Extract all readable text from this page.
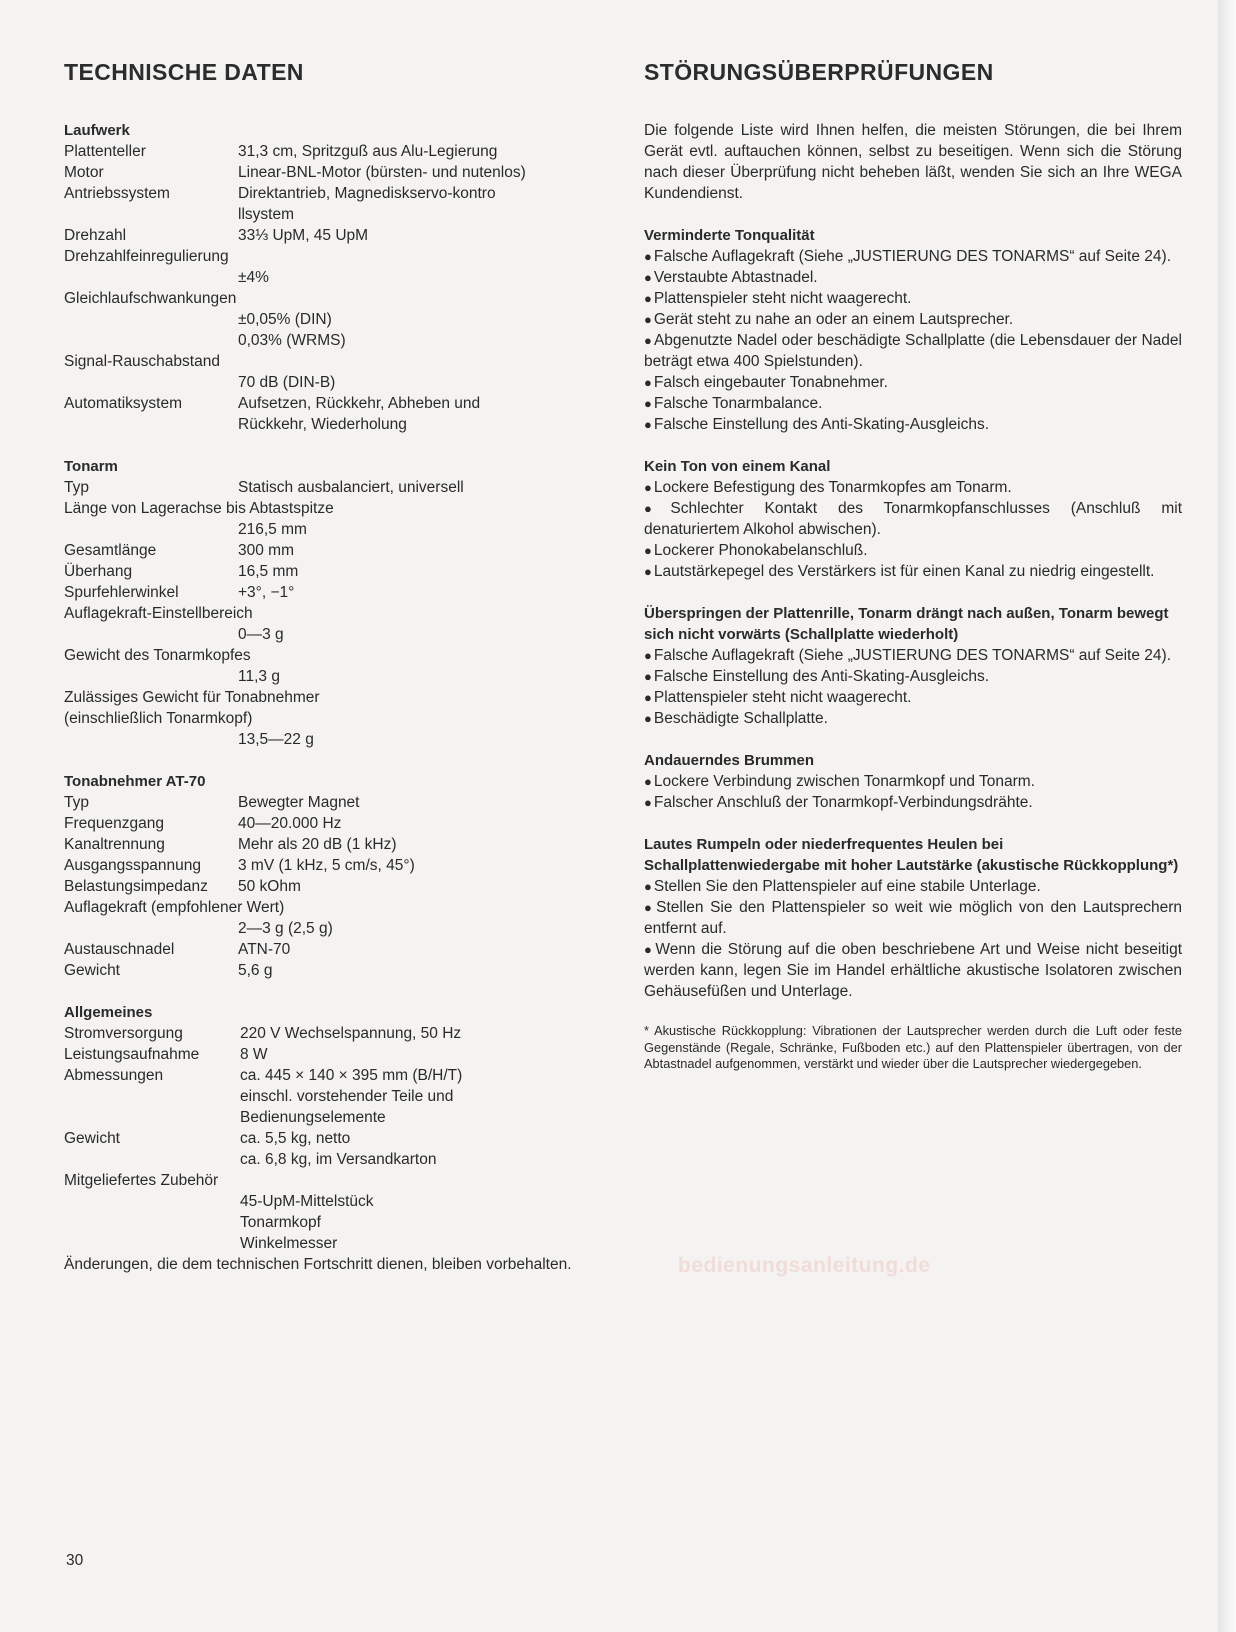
TECHNISCHE DATEN
Laufwerk
Plattenteller	31,3 cm, Spritzguß aus Alu-Legierung
Motor	Linear-BNL-Motor (bürsten- und nutenlos)
Antriebssystem	Direktantrieb, Magnediskservo-kontrollsystem
Drehzahl	33⅓ UpM, 45 UpM
Drehzahlfeinregulierung
±4%
Gleichlaufschwankungen
±0,05% (DIN)
0,03% (WRMS)
Signal-Rauschabstand
70 dB (DIN-B)
Automatiksystem	Aufsetzen, Rückkehr, Abheben und Rückkehr, Wiederholung
Tonarm
Typ	Statisch ausbalanciert, universell
Länge von Lagerachse bis Abtastspitze
216,5 mm
Gesamtlänge	300 mm
Überhang	16,5 mm
Spurfehlerwinkel	+3°, −1°
Auflagekraft-Einstellbereich
0—3 g
Gewicht des Tonarmkopfes
11,3 g
Zulässiges Gewicht für Tonabnehmer
(einschließlich Tonarmkopf)
13,5—22 g
Tonabnehmer AT-70
Typ	Bewegter Magnet
Frequenzgang	40—20.000 Hz
Kanaltrennung	Mehr als 20 dB (1 kHz)
Ausgangsspannung	3 mV (1 kHz, 5 cm/s, 45°)
Belastungsimpedanz	50 kOhm
Auflagekraft (empfohlener Wert)
2—3 g (2,5 g)
Austauschnadel	ATN-70
Gewicht	5,6 g
Allgemeines
Stromversorgung	220 V Wechselspannung, 50 Hz
Leistungsaufnahme	8 W
Abmessungen	ca. 445 × 140 × 395 mm (B/H/T)
einschl. vorstehender Teile und Bedienungselemente
Gewicht	ca. 5,5 kg, netto
ca. 6,8 kg, im Versandkarton
Mitgeliefertes Zubehör
45-UpM-Mittelstück
Tonarmkopf
Winkelmesser
Änderungen, die dem technischen Fortschritt dienen, bleiben vorbehalten.
STÖRUNGSÜBERPRÜFUNGEN
Die folgende Liste wird Ihnen helfen, die meisten Störungen, die bei Ihrem Gerät evtl. auftauchen können, selbst zu beseitigen. Wenn sich die Störung nach dieser Überprüfung nicht beheben läßt, wenden Sie sich an Ihre WEGA Kundendienst.
Verminderte Tonqualität
● Falsche Auflagekraft (Siehe „JUSTIERUNG DES TONARMS“ auf Seite 24).
● Verstaubte Abtastnadel.
● Plattenspieler steht nicht waagerecht.
● Gerät steht zu nahe an oder an einem Lautsprecher.
● Abgenutzte Nadel oder beschädigte Schallplatte (die Lebensdauer der Nadel beträgt etwa 400 Spielstunden).
● Falsch eingebauter Tonabnehmer.
● Falsche Tonarmbalance.
● Falsche Einstellung des Anti-Skating-Ausgleichs.
Kein Ton von einem Kanal
● Lockere Befestigung des Tonarmkopfes am Tonarm.
● Schlechter Kontakt des Tonarmkopfanschlusses (Anschluß mit denaturiertem Alkohol abwischen).
● Lockerer Phonokabelanschluß.
● Lautstärkepegel des Verstärkers ist für einen Kanal zu niedrig eingestellt.
Überspringen der Plattenrille, Tonarm drängt nach außen, Tonarm bewegt sich nicht vorwärts (Schallplatte wiederholt)
● Falsche Auflagekraft (Siehe „JUSTIERUNG DES TONARMS“ auf Seite 24).
● Falsche Einstellung des Anti-Skating-Ausgleichs.
● Plattenspieler steht nicht waagerecht.
● Beschädigte Schallplatte.
Andauerndes Brummen
● Lockere Verbindung zwischen Tonarmkopf und Tonarm.
● Falscher Anschluß der Tonarmkopf-Verbindungsdrähte.
Lautes Rumpeln oder niederfrequentes Heulen bei Schallplattenwiedergabe mit hoher Lautstärke (akustische Rückkopplung*)
● Stellen Sie den Plattenspieler auf eine stabile Unterlage.
● Stellen Sie den Plattenspieler so weit wie möglich von den Lautsprechern entfernt auf.
● Wenn die Störung auf die oben beschriebene Art und Weise nicht beseitigt werden kann, legen Sie im Handel erhältliche akustische Isolatoren zwischen Gehäusefüßen und Unterlage.
* Akustische Rückkopplung: Vibrationen der Lautsprecher werden durch die Luft oder feste Gegenstände (Regale, Schränke, Fußboden etc.) auf den Plattenspieler übertragen, von der Abtastnadel aufgenommen, verstärkt und wieder über die Lautsprecher wiedergegeben.
bedienungsanleitung.de
30
